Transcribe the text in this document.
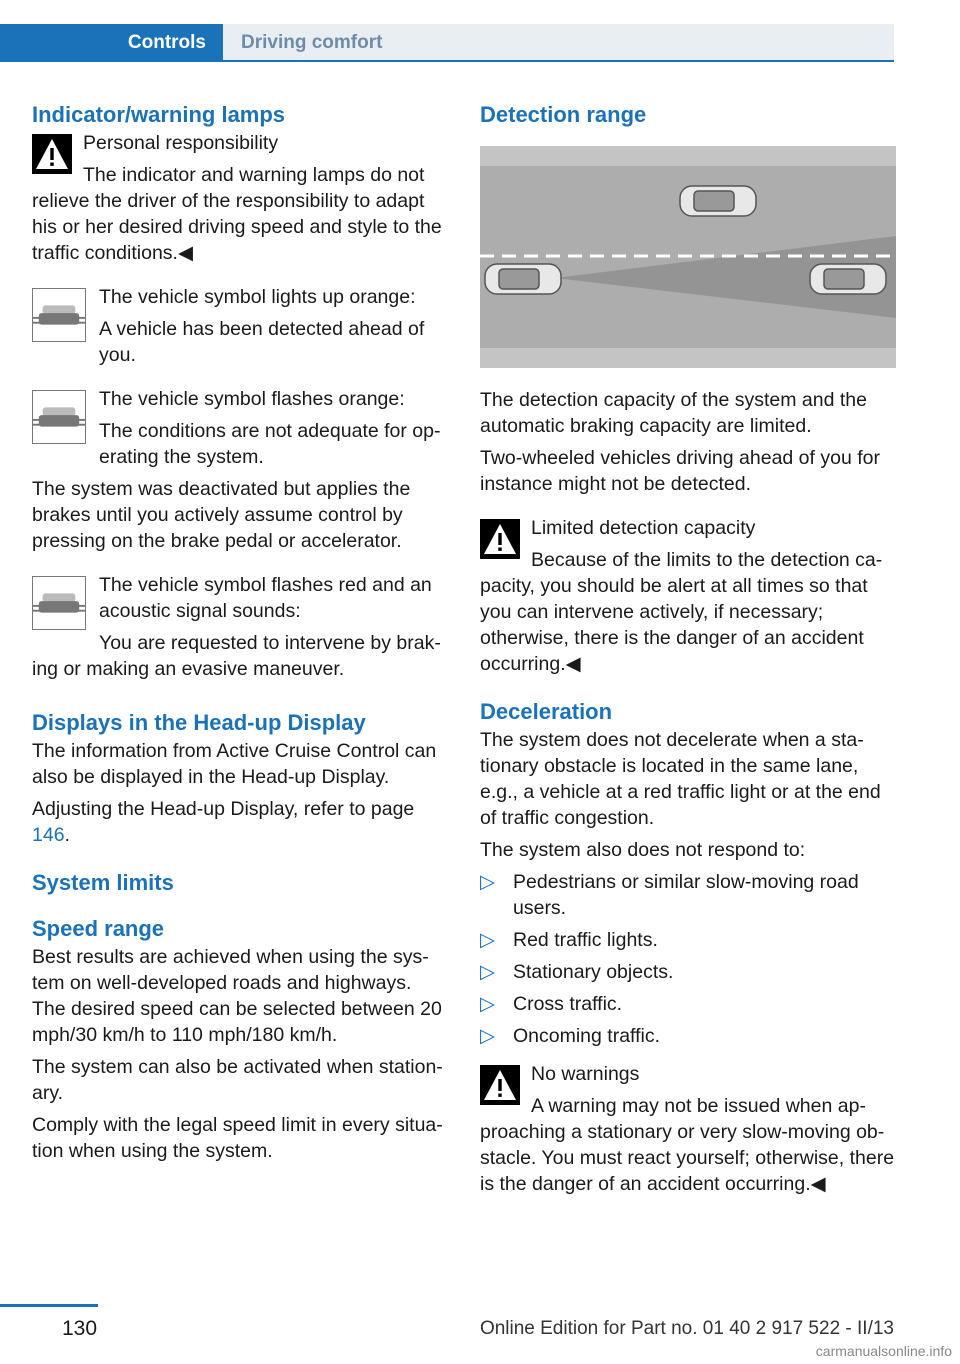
Controls	Driving comfort
Indicator/warning lamps

Personal responsibility

The indicator and warning lamps do not relieve the driver of the responsibility to adapt his or her desired driving speed and style to the traffic conditions.◀

The vehicle symbol lights up orange:

A vehicle has been detected ahead of you.

The vehicle symbol flashes orange:

The conditions are not adequate for op‐erating the system.

The system was deactivated but applies the brakes until you actively assume control by pressing on the brake pedal or accelerator.

The vehicle symbol flashes red and an acoustic signal sounds:

You are requested to intervene by brak‐ing or making an evasive maneuver.

Displays in the Head-up Display

The information from Active Cruise Control can also be displayed in the Head-up Display.

Adjusting the Head-up Display, refer to page 146.

System limits
Speed range

Best results are achieved when using the sys‐tem on well-developed roads and highways. The desired speed can be selected between 20 mph/30 km/h to 110 mph/180 km/h.

The system can also be activated when station‐ary.

Comply with the legal speed limit in every situa‐tion when using the system.

Detection range

The detection capacity of the system and the automatic braking capacity are limited.

Two-wheeled vehicles driving ahead of you for instance might not be detected.

Limited detection capacity

Because of the limits to the detection ca‐pacity, you should be alert at all times so that you can intervene actively, if necessary; otherwise, there is the danger of an accident occurring.◀

Deceleration

The system does not decelerate when a sta‐tionary obstacle is located in the same lane, e.g., a vehicle at a red traffic light or at the end of traffic congestion.

The system also does not respond to:

▷ Pedestrians or similar slow-moving road users.
▷ Red traffic lights.
▷ Stationary objects.
▷ Cross traffic.
▷ Oncoming traffic.

No warnings

A warning may not be issued when ap‐proaching a stationary or very slow-moving ob‐stacle. You must react yourself; otherwise, there is the danger of an accident occurring.◀

130	Online Edition for Part no. 01 40 2 917 522 - II/13
carmanualsonline.info
